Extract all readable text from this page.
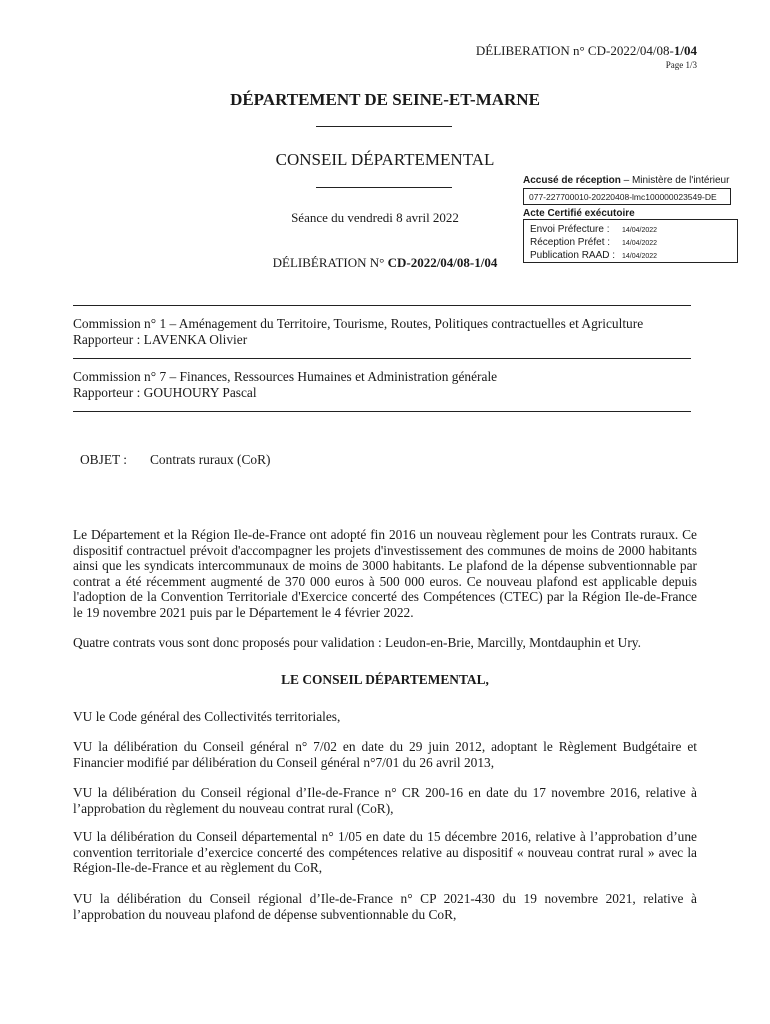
DÉLIBERATION n° CD-2022/04/08-1/04
Page 1/3
DÉPARTEMENT DE SEINE-ET-MARNE
CONSEIL DÉPARTEMENTAL
Séance du vendredi 8 avril 2022
DÉLIBÉRATION N° CD-2022/04/08-1/04
Accusé de réception – Ministère de l'intérieur
077-227700010-20220408-lmc100000023549-DE
Acte Certifié exécutoire
Envoi Préfecture : 14/04/2022
Réception Préfet : 14/04/2022
Publication RAAD : 14/04/2022
Commission n° 1 – Aménagement du Territoire, Tourisme, Routes, Politiques contractuelles et Agriculture
Rapporteur : LAVENKA Olivier
Commission n° 7 – Finances, Ressources Humaines et Administration générale
Rapporteur : GOUHOURY Pascal
OBJET : Contrats ruraux (CoR)
Le Département et la Région Ile-de-France ont adopté fin 2016 un nouveau règlement pour les Contrats ruraux. Ce dispositif contractuel prévoit d'accompagner les projets d'investissement des communes de moins de 2000 habitants ainsi que les syndicats intercommunaux de moins de 3000 habitants. Le plafond de la dépense subventionnable par contrat a été récemment augmenté de 370 000 euros à 500 000 euros. Ce nouveau plafond est applicable depuis l'adoption de la Convention Territoriale d'Exercice concerté des Compétences (CTEC) par la Région Ile-de-France le 19 novembre 2021 puis par le Département le 4 février 2022.
Quatre contrats vous sont donc proposés pour validation : Leudon-en-Brie, Marcilly, Montdauphin et Ury.
LE CONSEIL DÉPARTEMENTAL,
VU le Code général des Collectivités territoriales,
VU la délibération du Conseil général n° 7/02 en date du 29 juin 2012, adoptant le Règlement Budgétaire et Financier modifié par délibération du Conseil général n°7/01 du 26 avril 2013,
VU la délibération du Conseil régional d’Ile-de-France n° CR 200-16 en date du 17 novembre 2016, relative à l’approbation du règlement du nouveau contrat rural (CoR),
VU la délibération du Conseil départemental n° 1/05 en date du 15 décembre 2016, relative à l’approbation d’une convention territoriale d’exercice concerté des compétences relative au dispositif « nouveau contrat rural » avec la Région-Ile-de-France et au règlement du CoR,
VU la délibération du Conseil régional d’Ile-de-France n° CP 2021-430 du 19 novembre 2021, relative à l’approbation du nouveau plafond de dépense subventionnable du CoR,
